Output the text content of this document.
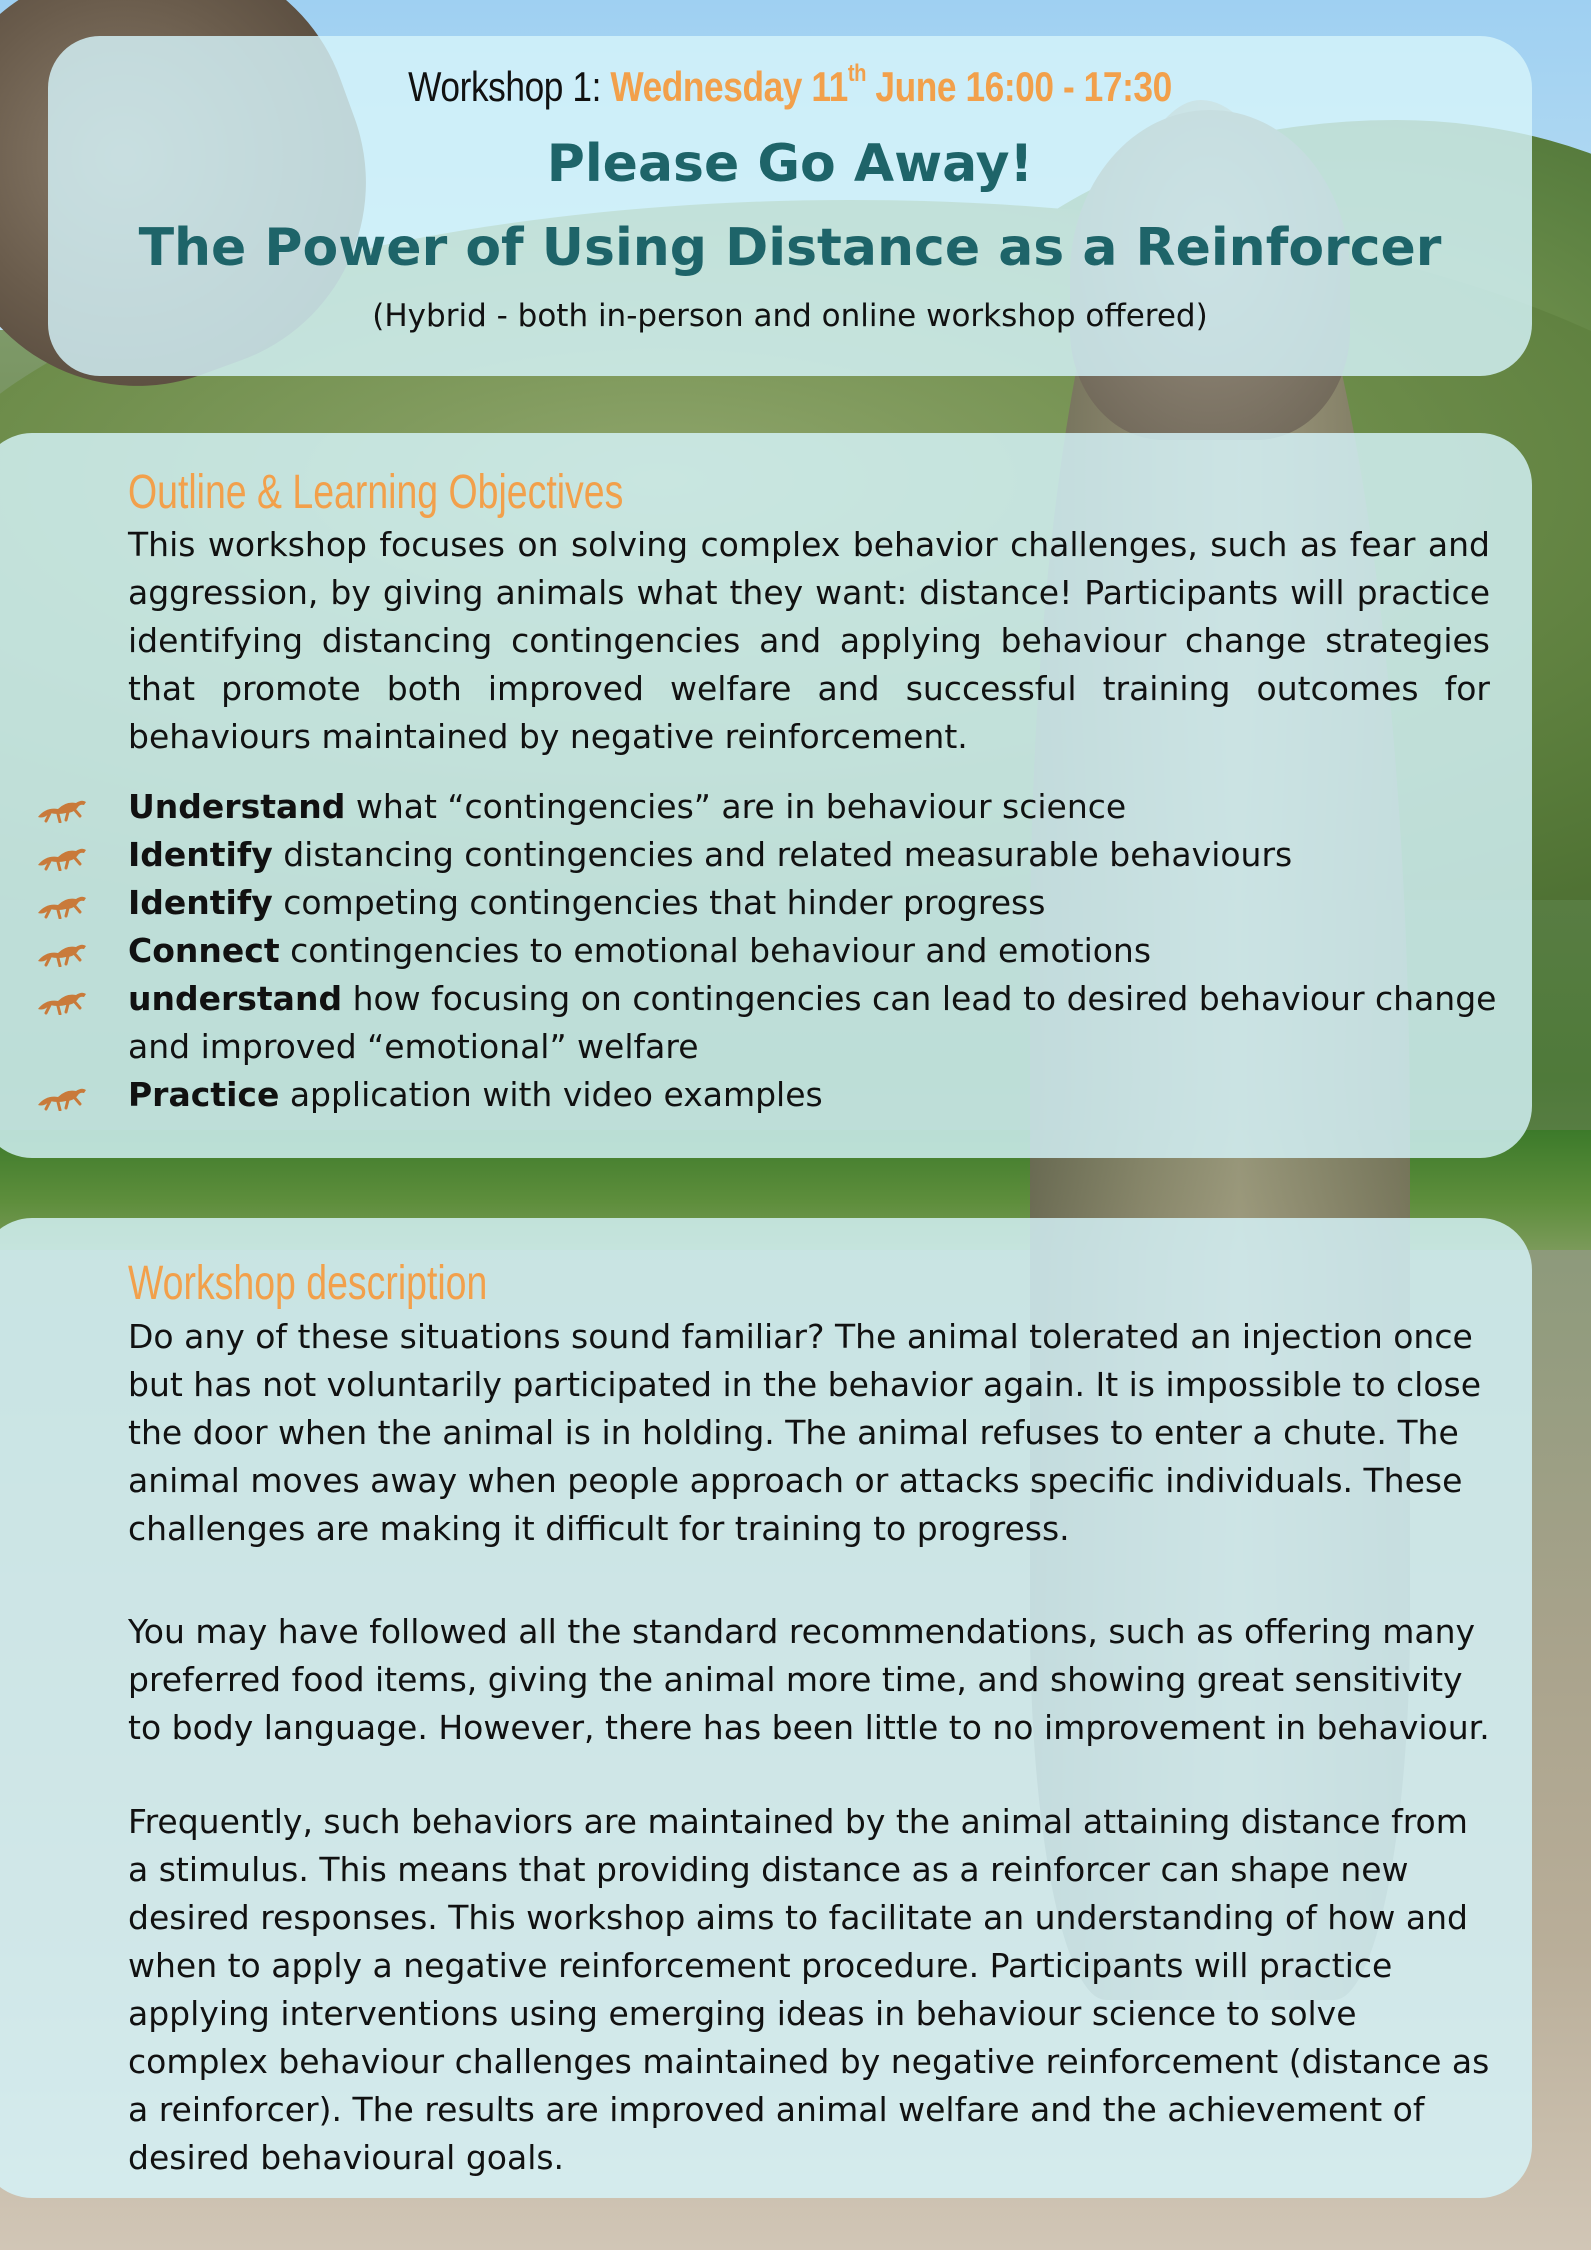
Workshop 1: Wednesday 11th June 16:00 - 17:30
Please Go Away!
The Power of Using Distance as a Reinforcer
(Hybrid - both in-person and online workshop offered)
Outline & Learning Objectives

This workshop focuses on solving complex behavior challenges, such as fear and aggression, by giving animals what they want: distance! Participants will practice identifying distancing contingencies and applying behaviour change strategies that promote both improved welfare and successful training outcomes for behaviours maintained by negative reinforcement.

Understand what “contingencies” are in behaviour science
Identify distancing contingencies and related measurable behaviours
Identify competing contingencies that hinder progress
Connect contingencies to emotional behaviour and emotions
understand how focusing on contingencies can lead to desired behaviour change and improved “emotional” welfare
Practice application with video examples
Workshop description

Do any of these situations sound familiar? The animal tolerated an injection once but has not voluntarily participated in the behavior again. It is impossible to close the door when the animal is in holding. The animal refuses to enter a chute. The animal moves away when people approach or attacks specific individuals. These challenges are making it difficult for training to progress.

You may have followed all the standard recommendations, such as offering many preferred food items, giving the animal more time, and showing great sensitivity to body language. However, there has been little to no improvement in behaviour.

Frequently, such behaviors are maintained by the animal attaining distance from a stimulus. This means that providing distance as a reinforcer can shape new desired responses. This workshop aims to facilitate an understanding of how and when to apply a negative reinforcement procedure. Participants will practice applying interventions using emerging ideas in behaviour science to solve complex behaviour challenges maintained by negative reinforcement (distance as a reinforcer). The results are improved animal welfare and the achievement of desired behavioural goals.
